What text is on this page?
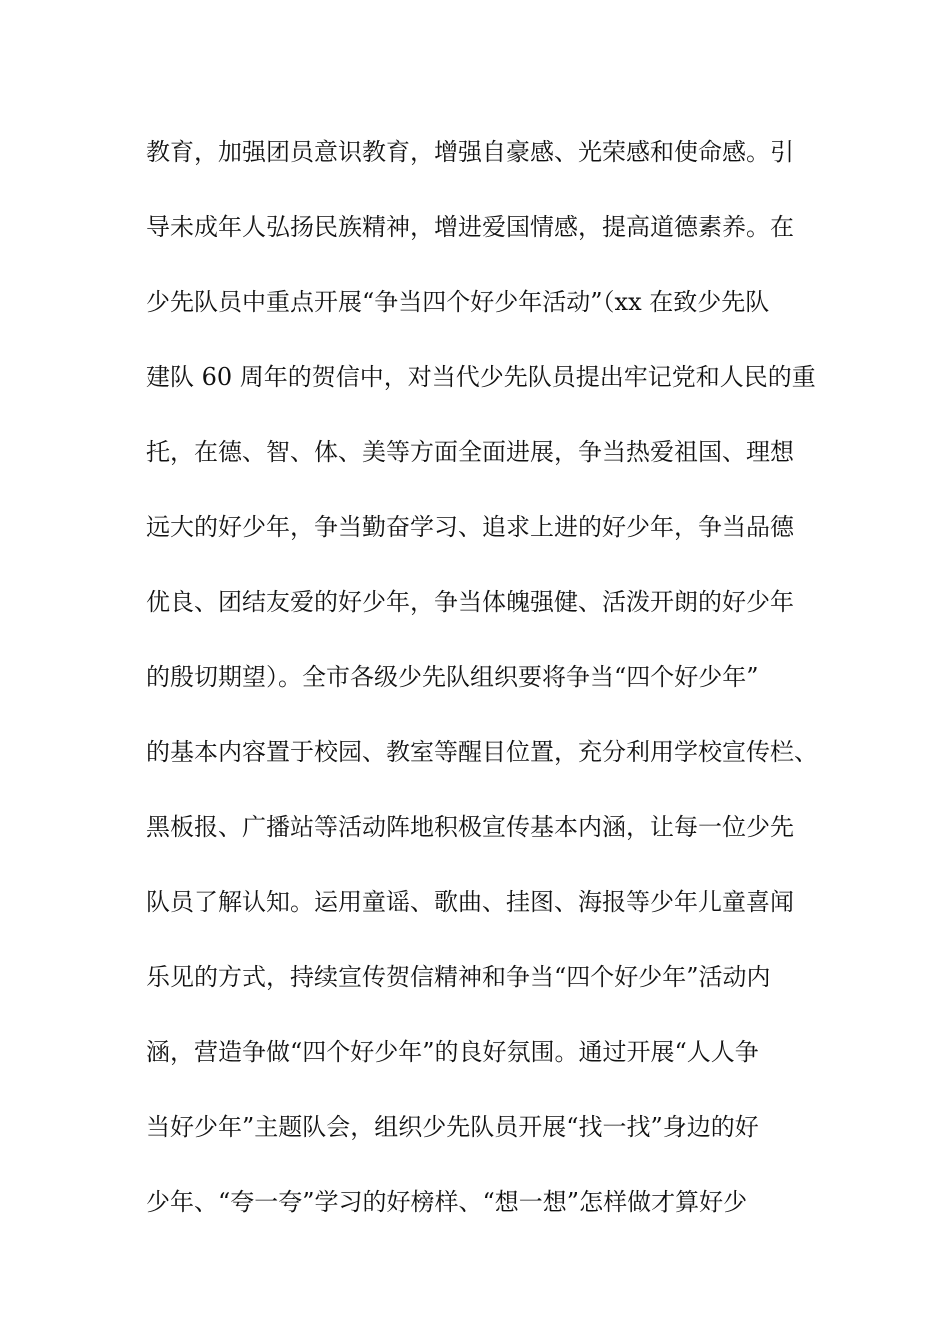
教育，加强团员意识教育，增强自豪感、光荣感和使命感。引
导未成年人弘扬民族精神，增进爱国情感，提高道德素养。在
少先队员中重点开展“争当四个好少年活动”（xx 在致少先队
建队 60 周年的贺信中，对当代少先队员提出牢记党和人民的重
托，在德、智、体、美等方面全面进展，争当热爱祖国、理想
远大的好少年，争当勤奋学习、追求上进的好少年，争当品德
优良、团结友爱的好少年，争当体魄强健、活泼开朗的好少年
的殷切期望）。全市各级少先队组织要将争当“四个好少年”
的基本内容置于校园、教室等醒目位置，充分利用学校宣传栏、
黑板报、广播站等活动阵地积极宣传基本内涵，让每一位少先
队员了解认知。运用童谣、歌曲、挂图、海报等少年儿童喜闻
乐见的方式，持续宣传贺信精神和争当“四个好少年”活动内
涵，营造争做“四个好少年”的良好氛围。通过开展“人人争
当好少年”主题队会，组织少先队员开展“找一找”身边的好
少年、“夸一夸”学习的好榜样、“想一想”怎样做才算好少
